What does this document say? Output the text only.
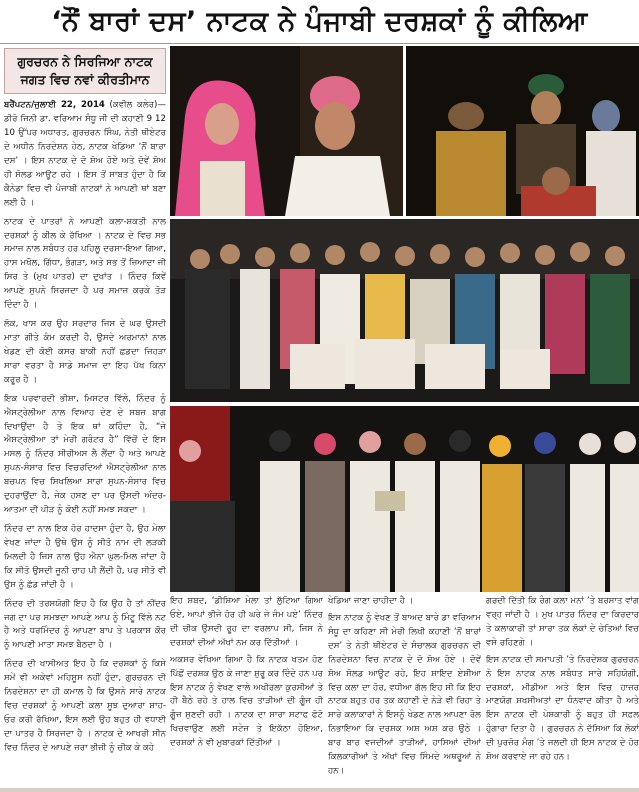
‘ਨੌਂ ਬਾਰਾਂ ਦਸ’ ਨਾਟਕ ਨੇ ਪੰਜਾਬੀ ਦਰਸ਼ਕਾਂ ਨੂੰ ਕੀਲਿਆ
ਗੁਰਚਰਨ ਨੇ ਸਿਰਜਿਆ ਨਾਟਕ
ਜਗਤ ਵਿਚ ਨਵਾਂ ਕੀਰਤੀਮਾਨ
ਬਰੈਂਪਟਨ/ਜੁਲਾਈ 22, 2014 (ਕਵੀਲ ਕਲੇਰ)—ਡੀਰੋ ਜਿਨੀ ਡਾ. ਵਰਿਆਮ ਸੰਧੂ ਜੀ ਦੀ ਕਹਾਣੀ 9 12 10 ਉੱਪਰ ਅਧਾਰਤ, ਗੁਰਚਰਨ ਸਿੰਘ, ਨੇਤੀ ਥੀਏਟਰ ਦੇ ਅਧੀਨ ਨਿਰਦੇਸ਼ਨ ਹੇਠ, ਨਾਟਕ ਖੇਡਿਆ ‘ਨੌਂ ਬਾਰਾ ਦਸ’ । ਇਸ ਨਾਟਕ ਦੇ ਦੋ ਸ਼ੋਅ ਹੋਏ ਅਤੇ ਦੋਵੇਂ ਸ਼ੋਅ ਹੀ ਸੋਲਡ ਆਊਟ ਰਹੇ । ਇਸ ਤੋਂ ਸਾਬਤ ਹੁੰਦਾ ਹੈ ਕਿ ਕੈਨੇਡਾ ਵਿਚ ਵੀ ਪੰਜਾਬੀ ਨਾਟਕਾਂ ਨੇ ਆਪਣੀ ਥਾਂ ਬਣਾ ਲਈ ਹੈ ।
ਨਾਟਕ ਦੇ ਪਾਤਰਾਂ ਨੇ ਆਪਣੀ ਕਲਾ-ਸ਼ਕਤੀ ਨਾਲ ਦਰਸ਼ਕਾਂ ਨੂੰ ਕੀਲ ਕੇ ਰੱਖਿਆ । ਨਾਟਕ ਦੇ ਵਿਚ ਸਭ ਸਮਾਜ ਨਾਲ ਸਬੰਧਤ ਹਰ ਪਹਿਲੂ ਦਰਸਾ-ਇਆ ਗਿਆ, ਹਾਸ ਮਖੌਲ, ਗਿੱਧਾ, ਭੰਗੜਾ, ਅਤੇ ਸਭ ਤੋਂ ਜ਼ਿਆਦਾ ਜੀ ਸਿਰ ਤੇ (ਮੁਖ ਪਾਤਰ) ਦਾ ਦੁਖਾਂਤ । ਨਿੰਦਰ ਕਿਵੇਂ ਆਪਣੇ ਸੁਪਨੇ ਸਿਰਜਦਾ ਹੈ ਪਰ ਸਮਾਜ ਕਰਕੇ ਤੋੜ ਦਿੰਦਾ ਹੈ ।
ਲੋਕ, ਖਾਸ ਕਰ ਉਹ ਸਰਦਾਰ ਜਿਸ ਦੇ ਘਰ ਉਸਦੀ ਮਾਤਾ ਗੀਤੇ ਕੰਮ ਕਰਦੀ ਹੈ, ਉਸਦੇ ਅਰਮਾਨਾਂ ਨਾਲ ਖੇਡਣ ਦੀ ਕੋਈ ਕਸਰ ਬਾਕੀ ਨਹੀਂ ਛਡਦਾ ਜਿਹੜਾ ਸਾਰਾ ਵਰਤਾ ਹੈ ਸਾਡੇ ਸਮਾਜ ਦਾ ਇਹ ਪੱਖ ਕਿਨਾ ਕਰੂਰ ਹੈ ।
ਇਕ ਪਰਵਾਰਦੀ ਭੀਸ਼ਾ, ਮਿਸਟਰ ਵਿੱਲੇ, ਨਿੰਦਰ ਨੂੰ ਐਸਟ੍ਰੇਲੀਆ ਨਾਲ ਵਿਆਹ ਦੇਣ ਦੇ ਸਬਜ਼ ਬਾਗ ਦਿਖਾਉਂਦਾ ਹੈ ਤੇ ਇਕ ਥਾਂ ਕਹਿੰਦਾ ਹੈ, “ਜੇ ਐਸਟ੍ਰੇਲੀਆ ਤਾਂ ਮੇਰੀ ਗਰੰਟਰ ਹੈ” ਵਿੱਚੋਂ ਦੇ ਇਸ ਮਸਲ ਨੂੰ ਨਿੰਦਰ ਸੀਰੀਅਸ ਲੈ ਲੈਂਦਾ ਹੈ ਅਤੇ ਆਪਣੇ ਸੁਪਨ-ਸੰਸਾਰ ਵਿਚ ਵਿਚਰਦਿਆਂ ਐਸਟ੍ਰੇਲੀਆ ਨਾਲ ਬਚਪਨ ਵਿਚ ਸਿਖਲਿਆ ਸਾਰਾ ਸੁਪਨ-ਸੰਸਾਰ ਵਿਚ ਦੁਹਰਾਉਂਦਾ ਹੈ, ਜੇਕ ਹਸਣ ਦਾ ਪਰ ਉਸਦੀ ਅੰਦਰ-ਆਤਮਾ ਦੀ ਪੀੜ ਨੂੰ ਕੋਈ ਨਹੀਂ ਸਮਝ ਸਕਦਾ ।
ਨਿੰਦਰ ਦਾ ਨਾਲ ਇਕ ਹੋਰ ਹਾਦਸਾ ਹੁੰਦਾ ਹੈ, ਉਹ ਮੇਲਾ ਵੇਖਣ ਜਾਂਦਾ ਹੈ ਉਥੇ ਉਸ ਨੂੰ ਸੀਤੋ ਨਾਮ ਦੀ ਲੜਕੀ ਮਿਲਦੀ ਹੈ ਜਿਸ ਨਾਲ ਉਹ ਐਨਾ ਘੁਲ-ਮਿਲ ਜਾਂਦਾ ਹੈ ਕਿ ਸੀਤੋ ਉਸਦੀ ਜੂਨੀ ਚਾਹ ਪੀ ਲੈਂਦੀ ਹੈ, ਪਰ ਸੀਤੋ ਵੀ ਉਸ ਨੂੰ ਛੱਡ ਜਾਂਦੀ ਹੈ ।
ਨਿੰਦਰ ਦੀ ਤਰਸਯੋਗੀ ਇਹ ਹੈ ਕਿ ਉਹ ਹੈ ਤਾਂ ਨੀਂਦਰ ਜਗ ਦਾ ਪਰ ਸਮਝਦਾ ਆਪਣੇ ਆਪ ਨੂੰ ਮਿੰਟੂ ਵਿੱਲੇ ਨਟ ਹੈ ਅਤੇ ਧਰਮਿੰਦਰ ਨੂੰ ਆਪਣਾ ਬਾਪ ਤੇ ਪਰਕਾਸ਼ ਕੌਰ ਨੂੰ ਆਪਣੀ ਮਾਤਾ ਸਮਝ ਬੈਠਦਾ ਹੈ ।
ਨਿੰਦਰ ਦੀ ਖਾਸੀਅਤ ਇਹ ਹੈ ਕਿ ਦਰਸ਼ਕਾਂ ਨੂੰ ਕਿਸੇ ਸਮੇਂ ਵੀ ਅਕੇਵਾਂ ਮਹਿਸੂਸ ਨਹੀਂ ਹੁੰਦਾ, ਗੁਰਚਰਨ ਦੀ ਨਿਰਦੇਸ਼ਨਾ ਦਾ ਹੀ ਕਮਾਲ ਹੈ ਕਿ ਉਸਨੇ ਸਾਰੇ ਨਾਟਕ ਵਿਚ ਦਰਸ਼ਕਾਂ ਨੂੰ ਆਪਣੀ ਕਲਾ ਸੂਝ ਦੁਆਰਾ ਸ਼ਾਹ-ਓਰ ਕਰੀ ਰੱਖਿਆ, ਇਸ ਲਈ ਉਹ ਬਹੁਤ ਹੀ ਵਧਾਈ ਦਾ ਪਾਤਰ ਹੈ ਸਿਰਜਦਾ ਹੈ । ਨਾਟਕ ਦੇ ਆਖਰੀ ਸੀਨ ਵਿਚ ਨਿੰਦਰ ਦੇ ਆਪਣੇ ਜ਼ਰਾ ਭੀਜੀ ਨੂੰ ਚੀਕ ਕੇ ਕਹੇ
ਇਹ ਸ਼ਬਦ, ‘ਡੀਸ਼ਿਆ ਮੇਲਾ ਤਾਂ ਲੁੱਟਿਆ ਗਿਆ ਓਏ, ਆਪਾਂ ਭੀਜੇ ਹੋਰ ਹੀ ਘਰੇ ਜੇ ਜੰਮ ਪਏ’ ਨਿੰਦਰ ਦੀ ਚੀਕ ਉਸਦੀ ਰੂਹ ਦਾ ਵਰਲਾਪ ਸੀ, ਜਿਸ ਨੇ ਦਰਸ਼ਕਾਂ ਦੀਆਂ ਅੱਖਾਂ ਨਮ ਕਰ ਦਿੱਤੀਆਂ ।
ਅਕਸਰ ਵੇਖਿਆ ਗਿਆ ਹੈ ਕਿ ਨਾਟਕ ਖਤਮ ਹੋਣ ਪਿੱਛੋਂ ਦਰਸ਼ਕ ਉਠ ਕੇ ਜਾਣਾ ਸ਼ੁਰੂ ਕਰ ਦਿੰਦੇ ਹਨ ਪਰ ਇਸ ਨਾਟਕ ਨੂੰ ਵੇਖਣ ਵਾਲੇ ਅਖੀਰਲਾ ਕੁਰਸੀਆਂ ਤੇ ਹੀ ਬੈਠੇ ਰਹੇ ਤੇ ਹਾਲ ਵਿਚ ਤਾੜੀਆਂ ਦੀ ਗੂੰਜ ਹੀ ਗੂੰਜ ਸੁਣਦੀ ਰਹੀ । ਨਾਟਕ ਦਾ ਸਾਰਾ ਸਟਾਫ ਫੋਟੋ ਖਿਚਵਾਉਣ ਲਈ ਸਟੇਜ ਤੇ ਇਕੱਠਾ ਹੋਇਆ, ਦਰਸ਼ਕਾਂ ਨੇ ਵੀ ਮੁਬਾਰਕਾਂ ਦਿੱਤੀਆਂ ।
ਖੇਡਿਆ ਜਾਣਾ ਚਾਹੀਦਾ ਹੈ ।
ਇਸ ਨਾਟਕ ਨੂੰ ਵੇਖਣ ਤੋਂ ਬਾਅਦ ਬਾਰੇ ਡਾ ਵਰਿਆਮ ਸੰਧੂ ਦਾ ਕਹਿਣਾ ਸੀ ਮੇਰੀ ਲਿਖੀ ਕਹਾਣੀ ‘ਨੌਂ ਬਾਰਾਂ ਦਸ’ ਤੇ ਨੇਤੀ ਥੀਏਟਰ ਦੇ ਸੰਚਾਲਕ ਗੁਰਚਰਨ ਦੀ ਨਿਰਦੇਸ਼ਨਾ ਵਿਚ ਨਾਟਕ ਦੇ ਦੋ ਸ਼ੋਅ ਹੋਏ । ਦੋਵੇਂ ਸ਼ੋਅ ਸੋਲਡ ਆਊਟ ਰਹੇ, ਇਹ ਸ਼ਾਇਦ ਏਸ਼ੀਆ ਵਿਚ ਕਲਾ ਦਾ ਹੋਰ, ਵਧੀਆ ਗੱਲ ਇਹ ਸੀ ਕਿ ਇਹ ਨਾਟਕ ਬਹੁਤ ਹਰ ਤਕ ਕਹਾਣੀ ਦੇ ਨੇੜੇ ਵੀ ਰਿਹਾ ਤੇ ਸਾਰੇ ਕਲਾਕਾਰਾਂ ਨੇ ਇਸਨੂੰ ਖੇਡਣ ਨਾਲ ਆਪਣਾ ਰੋਲ ਨਿਭਾਇਆ ਕਿ ਦਰਸ਼ਕ ਅਸ਼ ਅਸ਼ ਕਰ ਉਠੇ । ਬਾਰ ਬਾਰ ਵਜਦੀਆਂ ਤਾੜੀਆਂ, ਹਾਸਿਆਂ ਦੀਆਂ ਕਿਲਕਾਰੀਆਂ ਤੇ ਅੱਖਾਂ ਵਿਚ ਸਿੰਮਦੇ ਅਥਰੂਆਂ ਨੇ ਹਨ।
ਗਰਦੀ ਦਿੱਤੀ ਕਿ ਰੰਗ ਕਲਾ ਮਨਾਂ ’ਤੇ ਬਰਸਾਤ ਵਾਂਗ ਵਰ੍ਹ ਜਾਂਦੀ ਹੈ । ਮੁਖ ਪਾਤਰ ਨਿੰਦਰ ਦਾ ਕਿਰਦਾਰ ਤੇ ਕਲਾਕਾਰੀ ਤਾਂ ਸਾਰਾ ਤਕ ਲੋਕਾਂ ਦੇ ਚੇਤਿਆਂ ਵਿਚ ਵਸੇ ਰਹਿਣਗੇ ।
ਇਸ ਨਾਟਕ ਦੀ ਸਮਾਪਤੀ ’ਤੇ ਨਿਰਦੇਸ਼ਕ ਗੁਰਚਰਨ ਨੇ ਇਸ ਨਾਟਕ ਨਾਲ ਸਬੰਧਤ ਸਾਰੇ ਸਹਿਯੋਗੀ, ਦਰਸ਼ਕਾਂ, ਮੀਡੀਆ ਅਤੇ ਇਸ ਵਿਚ ਹਾਜ਼ਰ ਮਾਣਯੋਗ ਸ਼ਖਸੀਅਤਾਂ ਦਾ ਧੰਨਵਾਦ ਕੀਤਾ ਹੈ ਅਤੇ ਇਸ ਨਾਟਕ ਦੀ ਪੇਸ਼ਕਾਰੀ ਨੂੰ ਬਹੁਤ ਹੀ ਸਫ਼ਲ ਹੁੰਗਾਰਾ ਦਿਤਾ ਹੈ । ਗੁਰਚਰਨ ਨੇ ਦੱਸਿਆ ਕਿ ਲੋਕਾਂ ਦੀ ਪੁਰਜ਼ੋਰ ਮੰਗ ’ਤੇ ਜਲਦੀ ਹੀ ਇਸ ਨਾਟਕ ਦੇ ਹੋਰ ਸ਼ੋਅ ਕਰਵਾਏ ਜਾ ਰਹੇ ਹਨ।
